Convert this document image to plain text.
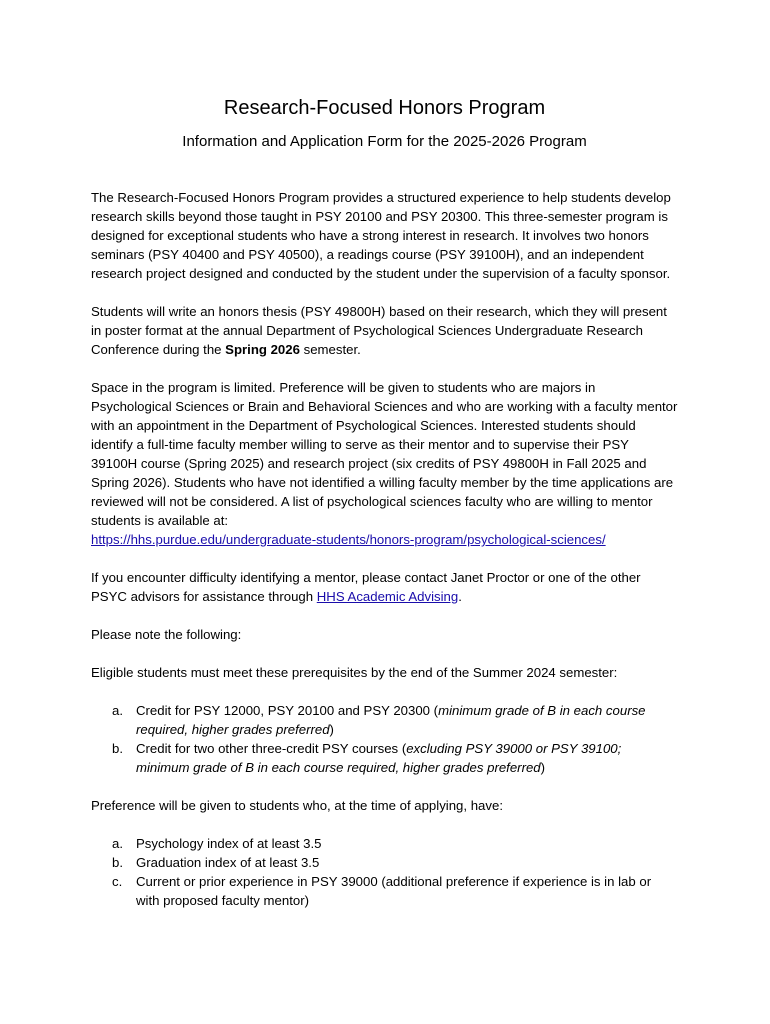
Research-Focused Honors Program
Information and Application Form for the 2025-2026 Program

The Research-Focused Honors Program provides a structured experience to help students develop research skills beyond those taught in PSY 20100 and PSY 20300. This three-semester program is designed for exceptional students who have a strong interest in research. It involves two honors seminars (PSY 40400 and PSY 40500), a readings course (PSY 39100H), and an independent research project designed and conducted by the student under the supervision of a faculty sponsor.

Students will write an honors thesis (PSY 49800H) based on their research, which they will present in poster format at the annual Department of Psychological Sciences Undergraduate Research Conference during the Spring 2026 semester.

Space in the program is limited. Preference will be given to students who are majors in Psychological Sciences or Brain and Behavioral Sciences and who are working with a faculty mentor with an appointment in the Department of Psychological Sciences. Interested students should identify a full-time faculty member willing to serve as their mentor and to supervise their PSY 39100H course (Spring 2025) and research project (six credits of PSY 49800H in Fall 2025 and Spring 2026). Students who have not identified a willing faculty member by the time applications are reviewed will not be considered. A list of psychological sciences faculty who are willing to mentor students is available at:
https://hhs.purdue.edu/undergraduate-students/honors-program/psychological-sciences/

If you encounter difficulty identifying a mentor, please contact Janet Proctor or one of the other PSYC advisors for assistance through HHS Academic Advising.

Please note the following:

Eligible students must meet these prerequisites by the end of the Summer 2024 semester:

a. Credit for PSY 12000, PSY 20100 and PSY 20300 (minimum grade of B in each course required, higher grades preferred)
b. Credit for two other three-credit PSY courses (excluding PSY 39000 or PSY 39100; minimum grade of B in each course required, higher grades preferred)

Preference will be given to students who, at the time of applying, have:

a. Psychology index of at least 3.5
b. Graduation index of at least 3.5
c. Current or prior experience in PSY 39000 (additional preference if experience is in lab or with proposed faculty mentor)
